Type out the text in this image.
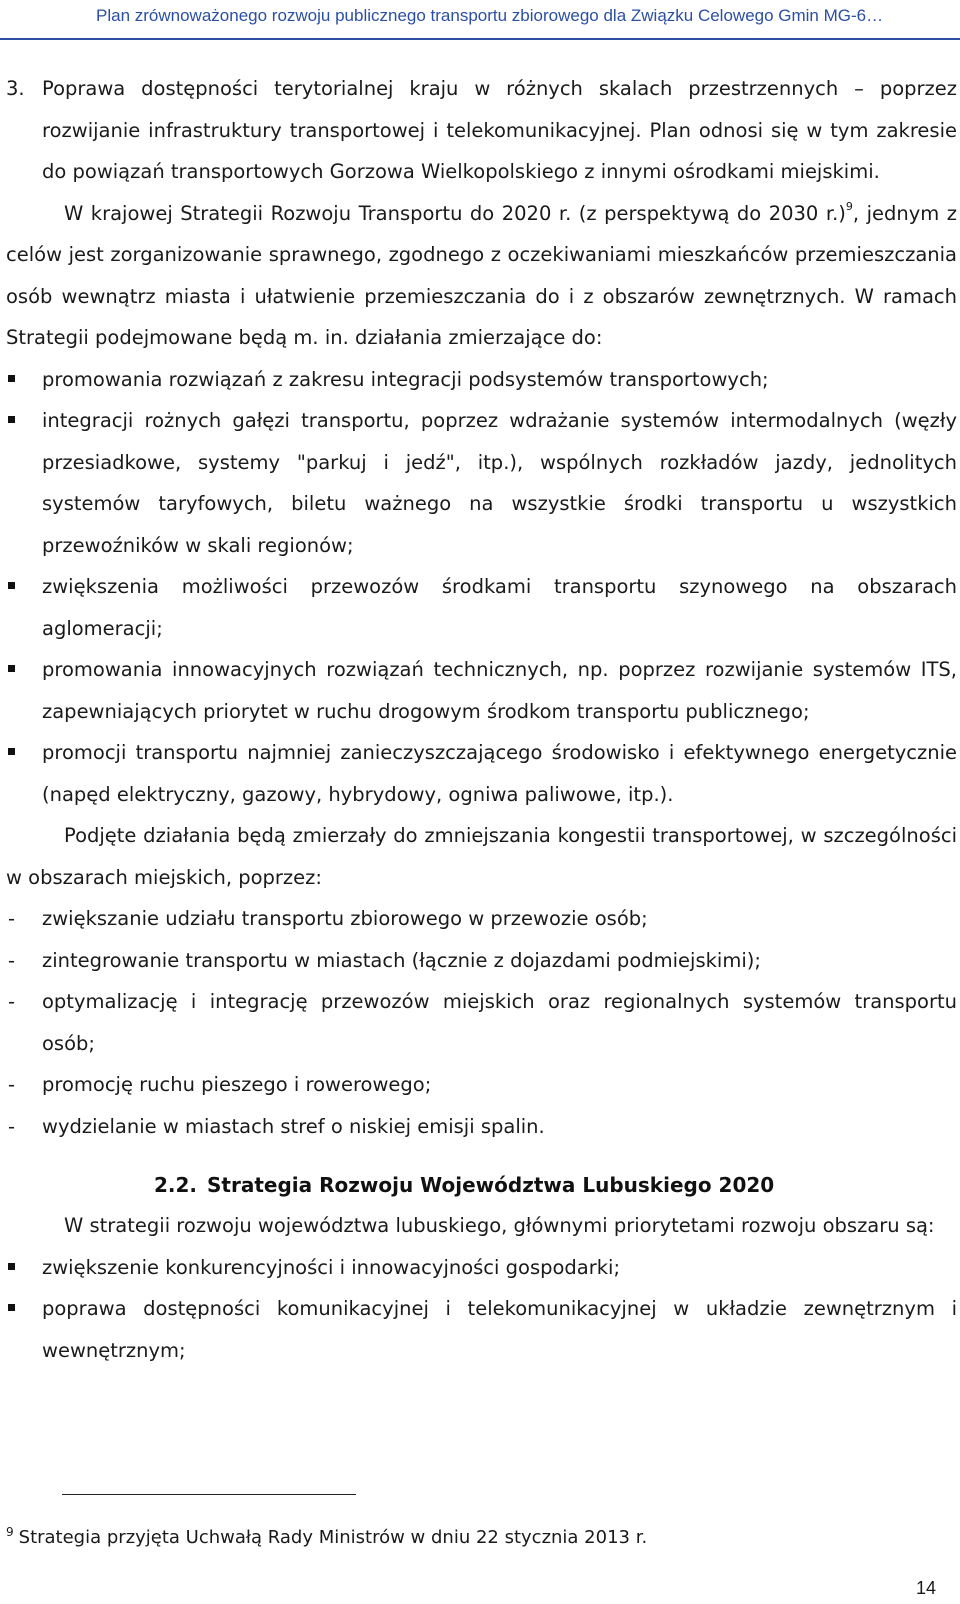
Plan zrównoważonego rozwoju publicznego transportu zbiorowego dla Związku Celowego Gmin MG-6…
3. Poprawa dostępności terytorialnej kraju w różnych skalach przestrzennych – poprzez rozwijanie infrastruktury transportowej i telekomunikacyjnej. Plan odnosi się w tym zakresie do powiązań transportowych Gorzowa Wielkopolskiego z innymi ośrodkami miejskimi.

W krajowej Strategii Rozwoju Transportu do 2020 r. (z perspektywą do 2030 r.)$^9$, jednym z celów jest zorganizowanie sprawnego, zgodnego z oczekiwaniami mieszkańców przemieszczania osób wewnątrz miasta i ułatwienie przemieszczania do i z obszarów zewnętrznych. W ramach Strategii podejmowane będą m. in. działania zmierzające do:

promowania rozwiązań z zakresu integracji podsystemów transportowych;
integracji rożnych gałęzi transportu, poprzez wdrażanie systemów intermodalnych (węzły przesiadkowe, systemy "parkuj i jedź", itp.), wspólnych rozkładów jazdy, jednolitych systemów taryfowych, biletu ważnego na wszystkie środki transportu u wszystkich przewoźników w skali regionów;
zwiększenia możliwości przewozów środkami transportu szynowego na obszarach aglomeracji;
promowania innowacyjnych rozwiązań technicznych, np. poprzez rozwijanie systemów ITS, zapewniających priorytet w ruchu drogowym środkom transportu publicznego;
promocji transportu najmniej zanieczyszczającego środowisko i efektywnego energetycznie (napęd elektryczny, gazowy, hybrydowy, ogniwa paliwowe, itp.).

Podjęte działania będą zmierzały do zmniejszania kongestii transportowej, w szczególności w obszarach miejskich, poprzez:

- zwiększanie udziału transportu zbiorowego w przewozie osób;
- zintegrowanie transportu w miastach (łącznie z dojazdami podmiejskimi);
- optymalizację i integrację przewozów miejskich oraz regionalnych systemów transportu osób;
- promocję ruchu pieszego i rowerowego;
- wydzielanie w miastach stref o niskiej emisji spalin.
2.2. Strategia Rozwoju Województwa Lubuskiego 2020

W strategii rozwoju województwa lubuskiego, głównymi priorytetami rozwoju obszaru są:

zwiększenie konkurencyjności i innowacyjności gospodarki;
poprawa dostępności komunikacyjnej i telekomunikacyjnej w układzie zewnętrznym i wewnętrznym;
$^9$ Strategia przyjęta Uchwałą Rady Ministrów w dniu 22 stycznia 2013 r.
14
